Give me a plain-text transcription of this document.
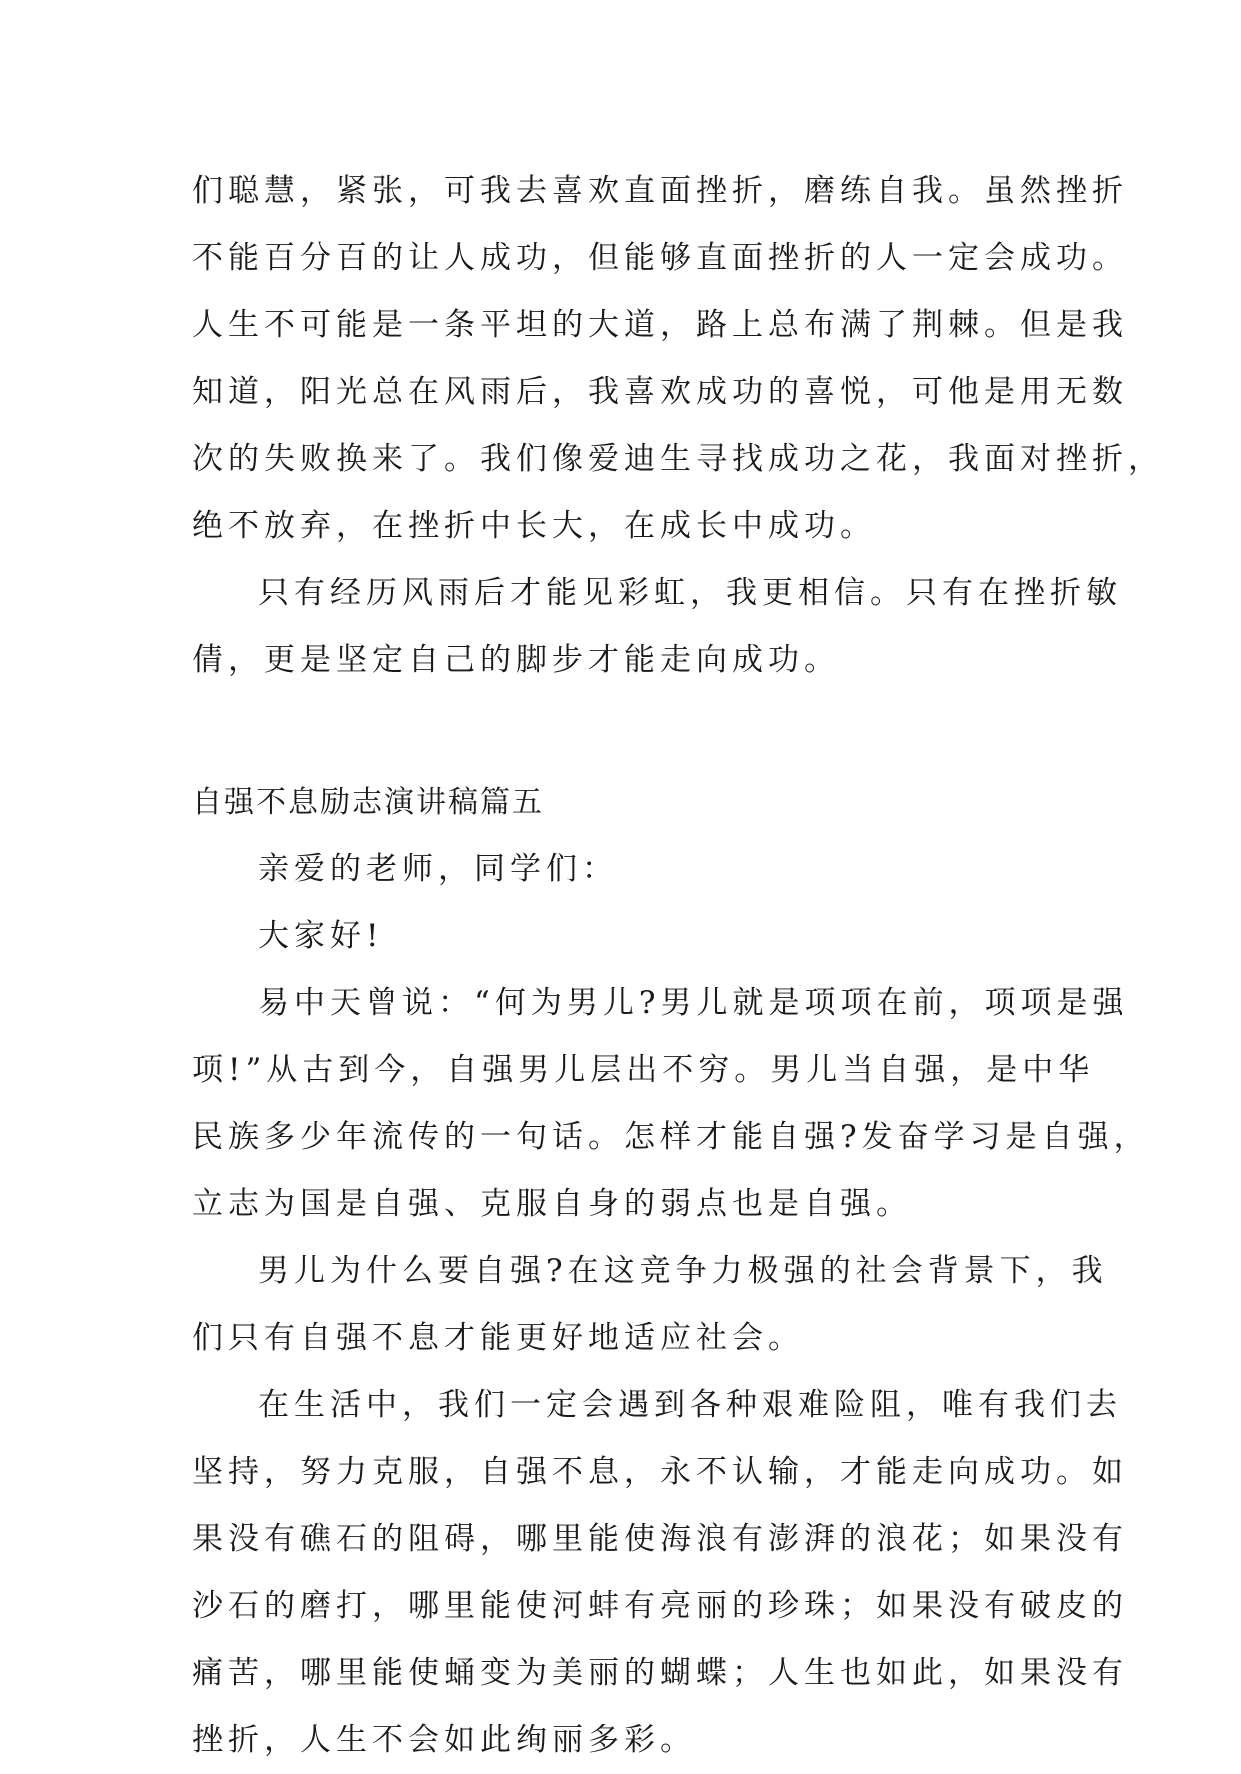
们聪慧，紧张，可我去喜欢直面挫折，磨练自我。虽然挫折
不能百分百的让人成功，但能够直面挫折的人一定会成功。
人生不可能是一条平坦的大道，路上总布满了荆棘。但是我
知道，阳光总在风雨后，我喜欢成功的喜悦，可他是用无数
次的失败换来了。我们像爱迪生寻找成功之花，我面对挫折，
绝不放弃，在挫折中长大，在成长中成功。
只有经历风雨后才能见彩虹，我更相信。只有在挫折敏
倩，更是坚定自己的脚步才能走向成功。
自强不息励志演讲稿篇五
亲爱的老师，同学们：
大家好!
易中天曾说：“何为男儿?男儿就是项项在前，项项是强
项!”从古到今，自强男儿层出不穷。男儿当自强，是中华
民族多少年流传的一句话。怎样才能自强?发奋学习是自强，
立志为国是自强、克服自身的弱点也是自强。
男儿为什么要自强?在这竞争力极强的社会背景下，我
们只有自强不息才能更好地适应社会。
在生活中，我们一定会遇到各种艰难险阻，唯有我们去
坚持，努力克服，自强不息，永不认输，才能走向成功。如
果没有礁石的阻碍，哪里能使海浪有澎湃的浪花；如果没有
沙石的磨打，哪里能使河蚌有亮丽的珍珠；如果没有破皮的
痛苦，哪里能使蛹变为美丽的蝴蝶；人生也如此，如果没有
挫折，人生不会如此绚丽多彩。
